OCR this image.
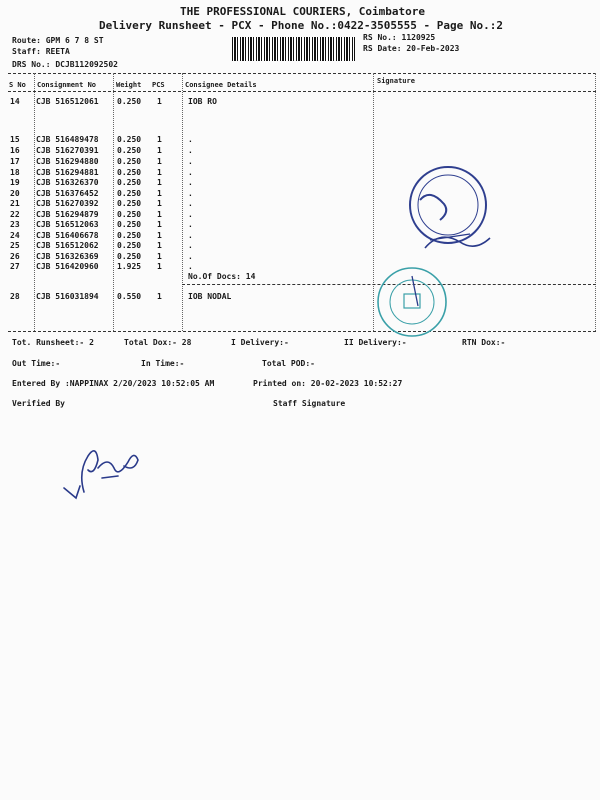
THE PROFESSIONAL COURIERS, Coimbatore
Delivery Runsheet - PCX - Phone No.:0422-3505555 - Page No.:2
Route: GPM 6 7 8 ST
Staff: REETA
DRS No.: DCJB112092502
RS No.: 1120925
RS Date: 20-Feb-2023
S No Consignment No	Weight PCS	Consignee Details	Signature
14 CJB 516512061 0.250 1	IOB RO
15 CJB 516489478 0.250 1	.
16 CJB 516270391 0.250 1	.
17 CJB 516294880 0.250 1	.
18 CJB 516294881 0.250 1	.
19 CJB 516326370 0.250 1	.
20 CJB 516376452 0.250 1	.
21 CJB 516270392 0.250 1	.
22 CJB 516294879 0.250 1	.
23 CJB 516512063 0.250 1	.
24 CJB 516406678 0.250 1	.
25 CJB 516512062 0.250 1	.
26 CJB 516326369 0.250 1	.
27 CJB 516420960 1.925 1	.
No.Of Docs: 14
28 CJB 516031894 0.550 1	IOB NODAL
Tot. Runsheet:- 2	Total Dox:- 28	I Delivery:-	II Delivery:-	RTN Dox:-
Out Time:-	In Time:-	Total POD:-
Entered By :NAPPINAX 2/20/2023 10:52:05 AM	Printed on: 20-02-2023 10:52:27
Verified By	Staff Signature
